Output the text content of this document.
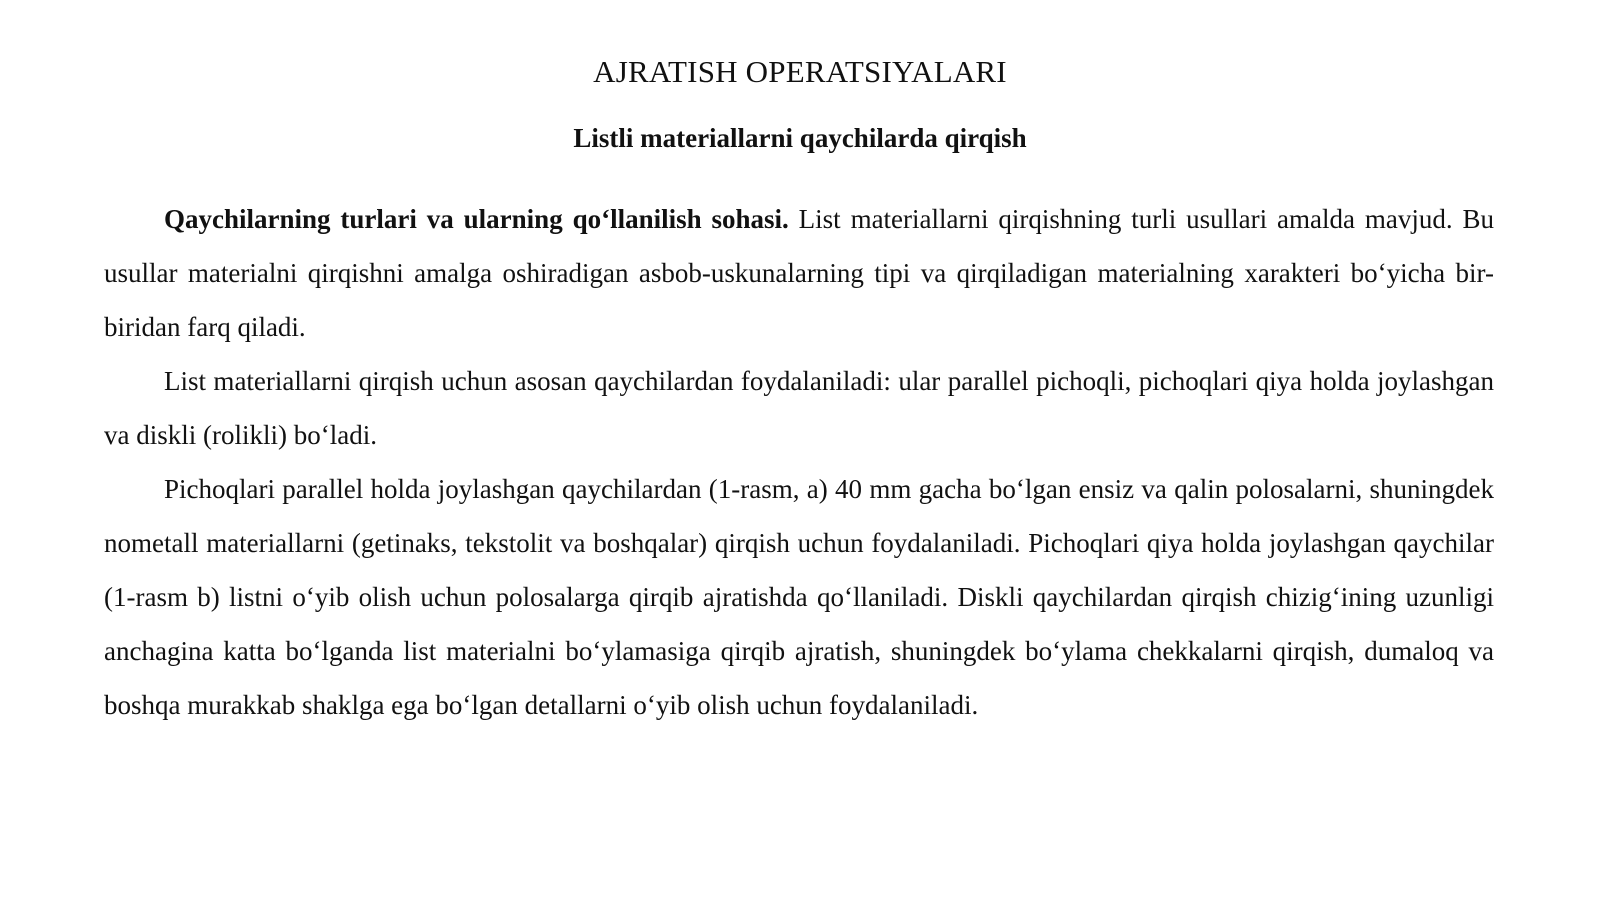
AJRATISH OPERATSIYALARI
Listli materiallarni qaychilarda qirqish

Qaychilarning turlari va ularning qo‘llanilish sohasi. List materiallarni qirqishning turli usullari amalda mavjud. Bu usullar materialni qirqishni amalga oshiradigan asbob-uskunalarning tipi va qirqiladigan materialning xarakteri bo‘yicha bir-biridan farq qiladi.

List materiallarni qirqish uchun asosan qaychilardan foydalaniladi: ular parallel pichoqli, pichoqlari qiya holda joylashgan va diskli (rolikli) bo‘ladi.

Pichoqlari parallel holda joylashgan qaychilardan (1-rasm, a) 40 mm gacha bo‘lgan ensiz va qalin polosalarni, shuningdek nometall materiallarni (getinaks, tekstolit va boshqalar) qirqish uchun foydalaniladi. Pichoqlari qiya holda joylashgan qaychilar (1-rasm b) listni o‘yib olish uchun polosalarga qirqib ajratishda qo‘llaniladi. Diskli qaychilardan qirqish chizig‘ining uzunligi anchagina katta bo‘lganda list materialni bo‘ylamasiga qirqib ajratish, shuningdek bo‘ylama chekkalarni qirqish, dumaloq va boshqa murakkab shaklga ega bo‘lgan detallarni o‘yib olish uchun foydalaniladi.
